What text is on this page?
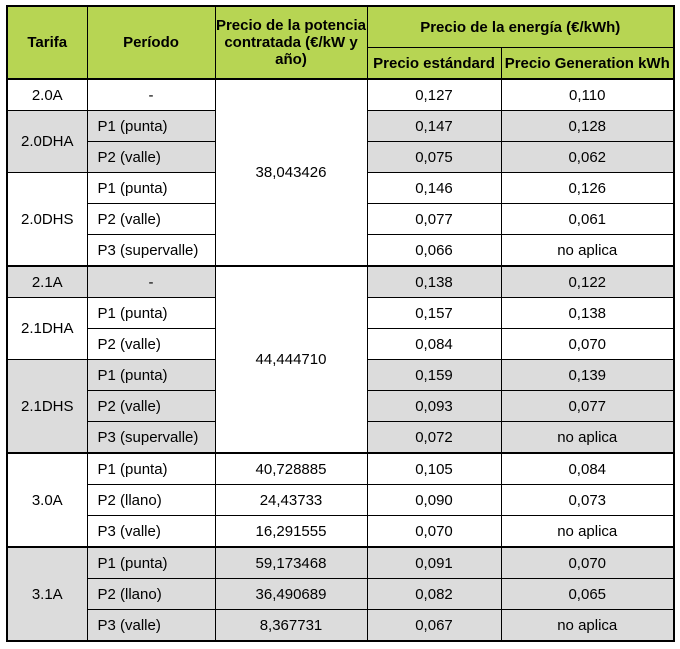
Tarifa	Período	Precio de la potencia contratada (€/kW y año)	Precio de la energía (€/kWh)	
			Precio estándard	Precio Generation kWh
2.0A	-	38,043426	0,127	0,110
2.0DHA	P1 (punta)		0,147	0,128
	P2 (valle)		0,075	0,062
2.0DHS	P1 (punta)		0,146	0,126
	P2 (valle)		0,077	0,061
	P3 (supervalle)		0,066	no aplica
2.1A	-	44,444710	0,138	0,122
2.1DHA	P1 (punta)		0,157	0,138
	P2 (valle)		0,084	0,070
2.1DHS	P1 (punta)		0,159	0,139
	P2 (valle)		0,093	0,077
	P3 (supervalle)		0,072	no aplica
3.0A	P1 (punta)	40,728885	0,105	0,084
	P2 (llano)	24,43733	0,090	0,073
	P3 (valle)	16,291555	0,070	no aplica
3.1A	P1 (punta)	59,173468	0,091	0,070
	P2 (llano)	36,490689	0,082	0,065
	P3 (valle)	8,367731	0,067	no aplica
